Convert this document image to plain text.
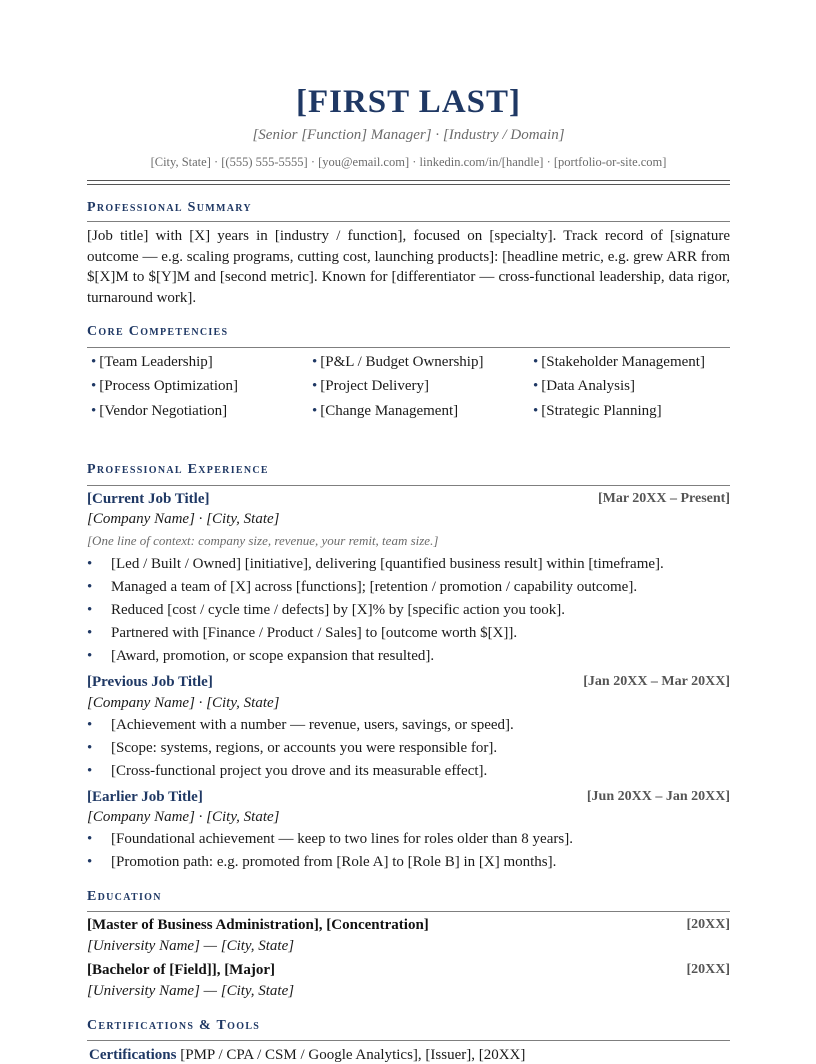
[FIRST LAST]
[Senior [Function] Manager] · [Industry / Domain]
[City, State] · [(555) 555-5555] · [you@email.com] · linkedin.com/in/[handle] · [portfolio-or-site.com]
Professional Summary

[Job title] with [X] years in [industry / function], focused on [specialty]. Track record of [signature outcome — e.g. scaling programs, cutting cost, launching products]: [headline metric, e.g. grew ARR from $[X]M to $[Y]M and [second metric]. Known for [differentiator — cross-functional leadership, data rigor, turnaround work].

Core Competencies
• [Team Leadership]	• [P&L / Budget Ownership]	• [Stakeholder Management]
• [Process Optimization]	• [Project Delivery]	• [Data Analysis]
• [Vendor Negotiation]	• [Change Management]	• [Strategic Planning]
Professional Experience
[Current Job Title]	[Mar 20XX – Present]
[Company Name] · [City, State]
[One line of context: company size, revenue, your remit, team size.]
• [Led / Built / Owned] [initiative], delivering [quantified business result] within [timeframe].
• Managed a team of [X] across [functions]; [retention / promotion / capability outcome].
• Reduced [cost / cycle time / defects] by [X]% by [specific action you took].
• Partnered with [Finance / Product / Sales] to [outcome worth $[X]].
• [Award, promotion, or scope expansion that resulted].
[Previous Job Title]	[Jan 20XX – Mar 20XX]
[Company Name] · [City, State]
• [Achievement with a number — revenue, users, savings, or speed].
• [Scope: systems, regions, or accounts you were responsible for].
• [Cross-functional project you drove and its measurable effect].
[Earlier Job Title]	[Jun 20XX – Jan 20XX]
[Company Name] · [City, State]
• [Foundational achievement — keep to two lines for roles older than 8 years].
• [Promotion path: e.g. promoted from [Role A] to [Role B] in [X] months].
Education
[Master of Business Administration], [Concentration]	[20XX]
[University Name] — [City, State]
[Bachelor of [Field]], [Major]	[20XX]
[University Name] — [City, State]
Certifications & Tools
Certifications [PMP / CPA / CSM / Google Analytics], [Issuer], [20XX]
